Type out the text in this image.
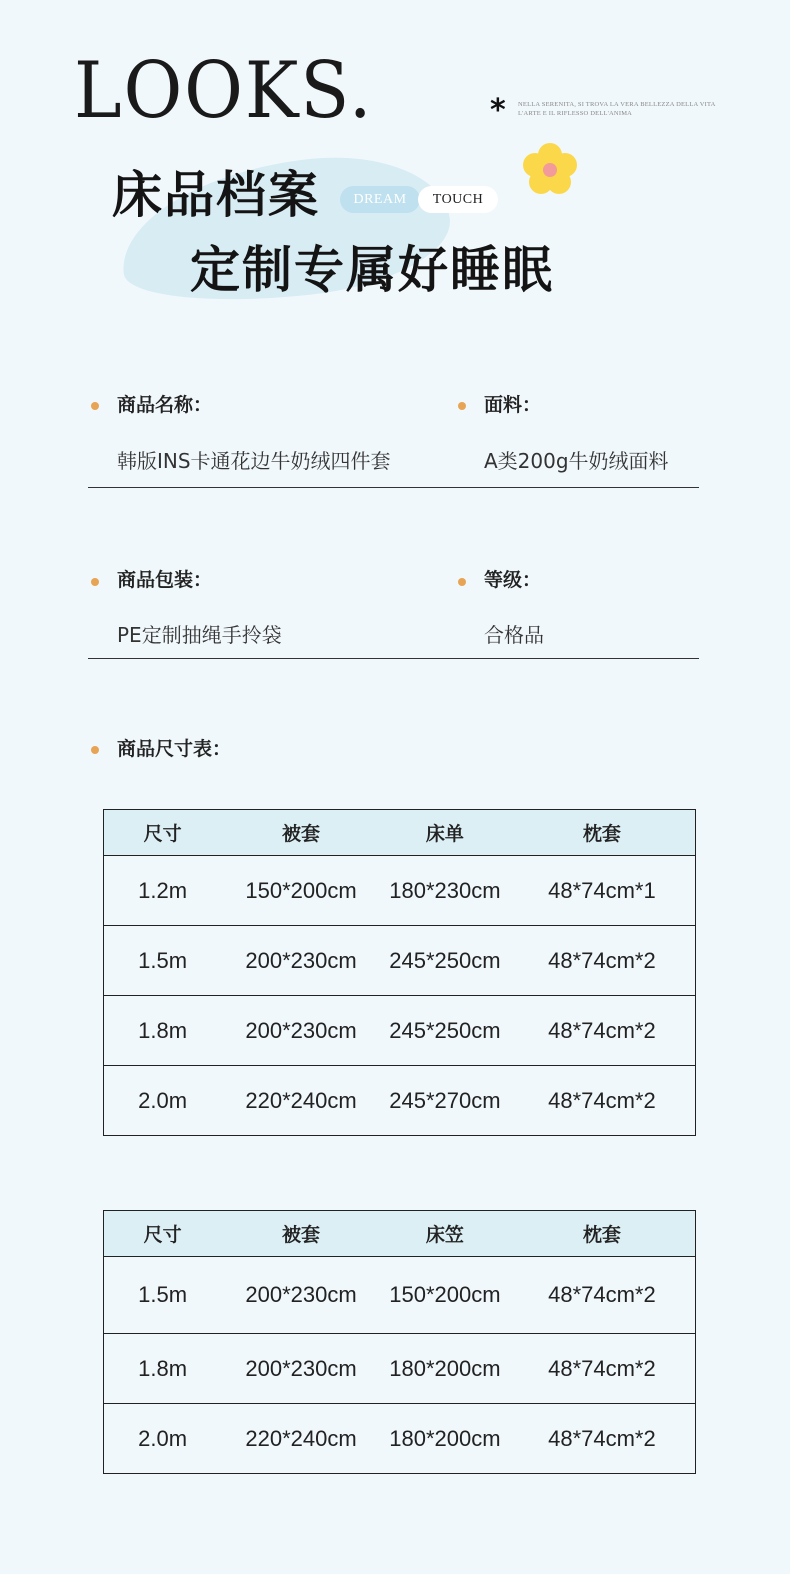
LOOKS.	* NELLA SERENITA, SI TROVA LA VERA BELLEZZA DELLA VITA
L'ARTE E IL RIFLESSO DELL'ANIMA
床品档案	DREAM	TOUCH
定制专属好睡眠
商品名称：
韩版INS卡通花边牛奶绒四件套
面料：
A类200g牛奶绒面料
商品包装：
PE定制抽绳手拎袋
等级：
合格品
商品尺寸表：
尺寸	被套	床单	枕套
1.2m	150*200cm	180*230cm	48*74cm*1
1.5m	200*230cm	245*250cm	48*74cm*2
1.8m	200*230cm	245*250cm	48*74cm*2
2.0m	220*240cm	245*270cm	48*74cm*2
尺寸	被套	床笠	枕套
1.5m	200*230cm	150*200cm	48*74cm*2
1.8m	200*230cm	180*200cm	48*74cm*2
2.0m	220*240cm	180*200cm	48*74cm*2
